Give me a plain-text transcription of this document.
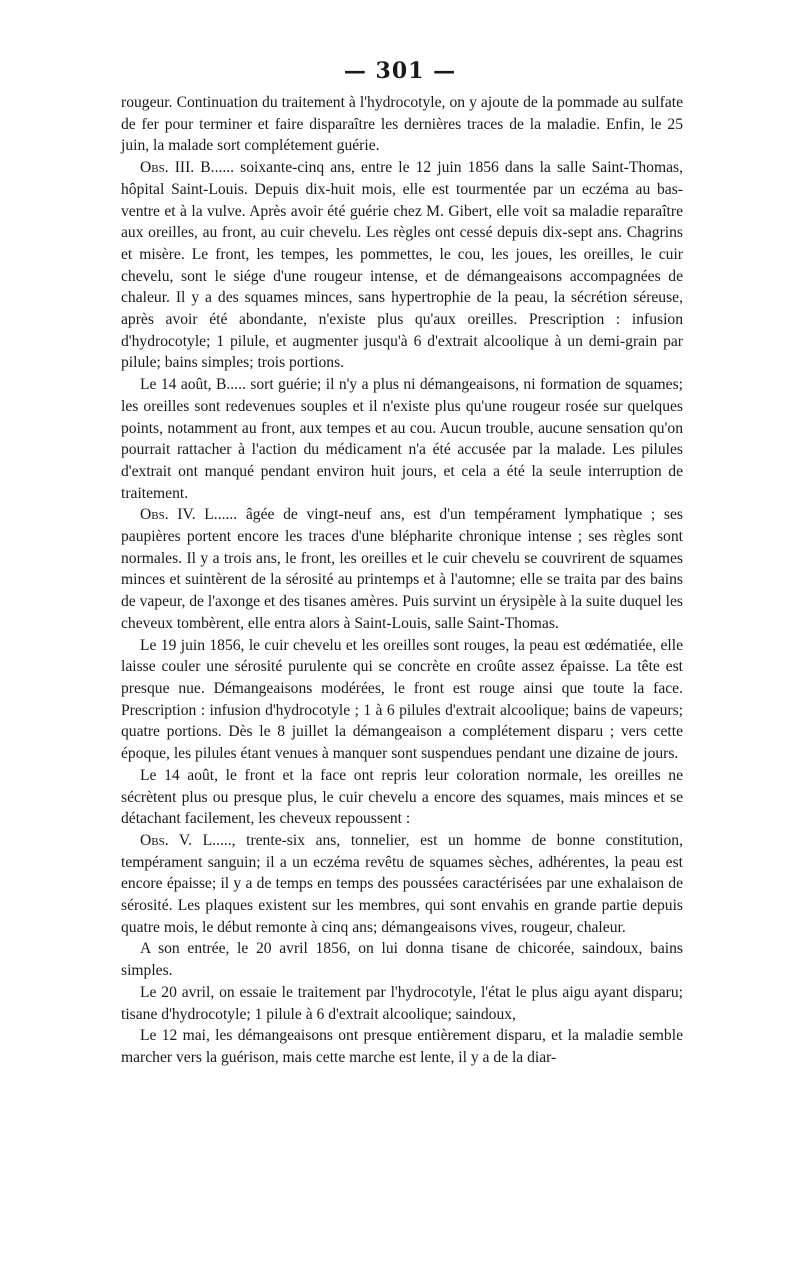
— 301 —

rougeur. Continuation du traitement à l'hydrocotyle, on y ajoute de la pommade au sulfate de fer pour terminer et faire disparaître les dernières traces de la maladie. Enfin, le 25 juin, la malade sort complétement guérie.

Obs. III. B...... soixante-cinq ans, entre le 12 juin 1856 dans la salle Saint-Thomas, hôpital Saint-Louis. Depuis dix-huit mois, elle est tourmentée par un eczéma au bas-ventre et à la vulve. Après avoir été guérie chez M. Gibert, elle voit sa maladie reparaître aux oreilles, au front, au cuir chevelu. Les règles ont cessé depuis dix-sept ans. Chagrins et misère. Le front, les tempes, les pommettes, le cou, les joues, les oreilles, le cuir chevelu, sont le siége d'une rougeur intense, et de démangeaisons accompagnées de chaleur. Il y a des squames minces, sans hypertrophie de la peau, la sécrétion séreuse, après avoir été abondante, n'existe plus qu'aux oreilles. Prescription : infusion d'hydrocotyle; 1 pilule, et augmenter jusqu'à 6 d'extrait alcoolique à un demi-grain par pilule; bains simples; trois portions.

Le 14 août, B..... sort guérie; il n'y a plus ni démangeaisons, ni formation de squames; les oreilles sont redevenues souples et il n'existe plus qu'une rougeur rosée sur quelques points, notamment au front, aux tempes et au cou. Aucun trouble, aucune sensation qu'on pourrait rattacher à l'action du médicament n'a été accusée par la malade. Les pilules d'extrait ont manqué pendant environ huit jours, et cela a été la seule interruption de traitement.

Obs. IV. L...... âgée de vingt-neuf ans, est d'un tempérament lymphatique ; ses paupières portent encore les traces d'une blépharite chronique intense ; ses règles sont normales. Il y a trois ans, le front, les oreilles et le cuir chevelu se couvrirent de squames minces et suintèrent de la sérosité au printemps et à l'automne; elle se traita par des bains de vapeur, de l'axonge et des tisanes amères. Puis survint un érysipèle à la suite duquel les cheveux tombèrent, elle entra alors à Saint-Louis, salle Saint-Thomas.

Le 19 juin 1856, le cuir chevelu et les oreilles sont rouges, la peau est œdématiée, elle laisse couler une sérosité purulente qui se concrète en croûte assez épaisse. La tête est presque nue. Démangeaisons modérées, le front est rouge ainsi que toute la face. Prescription : infusion d'hydrocotyle ; 1 à 6 pilules d'extrait alcoolique; bains de vapeurs; quatre portions. Dès le 8 juillet la démangeaison a complétement disparu ; vers cette époque, les pilules étant venues à manquer sont suspendues pendant une dizaine de jours.

Le 14 août, le front et la face ont repris leur coloration normale, les oreilles ne sécrètent plus ou presque plus, le cuir chevelu a encore des squames, mais minces et se détachant facilement, les cheveux repoussent :

Obs. V. L....., trente-six ans, tonnelier, est un homme de bonne constitution, tempérament sanguin; il a un eczéma revêtu de squames sèches, adhérentes, la peau est encore épaisse; il y a de temps en temps des poussées caractérisées par une exhalaison de sérosité. Les plaques existent sur les membres, qui sont envahis en grande partie depuis quatre mois, le début remonte à cinq ans; démangeaisons vives, rougeur, chaleur.

A son entrée, le 20 avril 1856, on lui donna tisane de chicorée, saindoux, bains simples.

Le 20 avril, on essaie le traitement par l'hydrocotyle, l'état le plus aigu ayant disparu; tisane d'hydrocotyle; 1 pilule à 6 d'extrait alcoolique; saindoux,

Le 12 mai, les démangeaisons ont presque entièrement disparu, et la maladie semble marcher vers la guérison, mais cette marche est lente, il y a de la diar-
